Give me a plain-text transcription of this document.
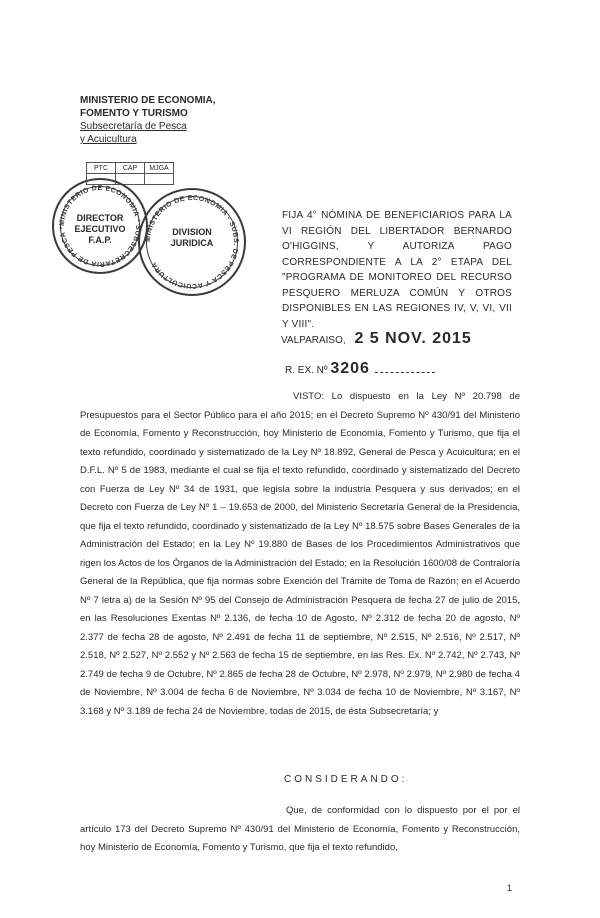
MINISTERIO DE ECONOMIA,
FOMENTO Y TURISMO
Subsecretaría de Pesca
y Acuicultura
PTC	CAP	MJGA

MINISTERIO DE ECONOMIA * SUBSECRETARIA DE PESCA *
DIRECTOR
EJECUTIVO
F.A.P.	MINISTERIO DE ECONOMIA - SUBS. DE PESCA Y ACUICULTURA
DIVISION
JURIDICA
FIJA 4° NÓMINA DE BENEFICIARIOS PARA LA VI REGIÓN DEL LIBERTADOR BERNARDO O'HIGGINS, Y AUTORIZA PAGO CORRESPONDIENTE A LA 2° ETAPA DEL "PROGRAMA DE MONITOREO DEL RECURSO PESQUERO MERLUZA COMÚN Y OTROS DISPONIBLES EN LAS REGIONES IV, V, VI, VII Y VIII".
VALPARAISO, 2 5 NOV. 2015
R. EX. Nº 3206
VISTO: Lo dispuesto en la Ley Nº 20.798 de Presupuestos para el Sector Público para el año 2015; en el Decreto Supremo Nº 430/91 del Ministerio de Economía, Fomento y Reconstrucción, hoy Ministerio de Economía, Fomento y Turismo, que fija el texto refundido, coordinado y sistematizado de la Ley Nº 18.892, General de Pesca y Acuicultura; en el D.F.L. Nº 5 de 1983, mediante el cual se fija el texto refundido, coordinado y sistematizado del Decreto con Fuerza de Ley Nº 34 de 1931, que legisla sobre la industria Pesquera y sus derivados; en el Decreto con Fuerza de Ley Nº 1 – 19.653 de 2000, del Ministerio Secretaría General de la Presidencia, que fija el texto refundido, coordinado y sistematizado de la Ley Nº 18.575 sobre Bases Generales de la Administración del Estado; en la Ley Nº 19.880 de Bases de los Procedimientos Administrativos que rigen los Actos de los Órganos de la Administración del Estado; en la Resolución 1600/08 de Contraloría General de la República, que fija normas sobre Exención del Trámite de Toma de Razón; en el Acuerdo Nº 7 letra a) de la Sesión Nº 95 del Consejo de Administración Pesquera de fecha 27 de julio de 2015, en las Resoluciones Exentas Nº 2.136, de fecha 10 de Agosto, Nº 2.312 de fecha 20 de agosto, Nº 2.377 de fecha 28 de agosto, Nº 2.491 de fecha 11 de septiembre, Nº 2.515, Nº 2.516, Nº 2.517, Nº 2.518, Nº 2.527, Nº 2.552 y Nº 2.563 de fecha 15 de septiembre, en las Res. Ex. Nº 2.742, Nº 2.743, Nº 2.749 de fecha 9 de Octubre, Nº 2.865 de fecha 28 de Octubre, Nº 2.978, Nº 2.979, Nº 2.980 de fecha 4 de Noviembre, Nº 3.004 de fecha 6 de Noviembre, Nº 3.034 de fecha 10 de Noviembre, Nº 3.167, Nº 3.168 y Nº 3.189 de fecha 24 de Noviembre, todas de 2015, de ésta Subsecretaría; y
CONSIDERANDO:
Que, de conformidad con lo dispuesto por el por el artículo 173 del Decreto Supremo Nº 430/91 del Ministerio de Economía, Fomento y Reconstrucción, hoy Ministerio de Economía, Fomento y Turismo, que fija el texto refundido,
1
